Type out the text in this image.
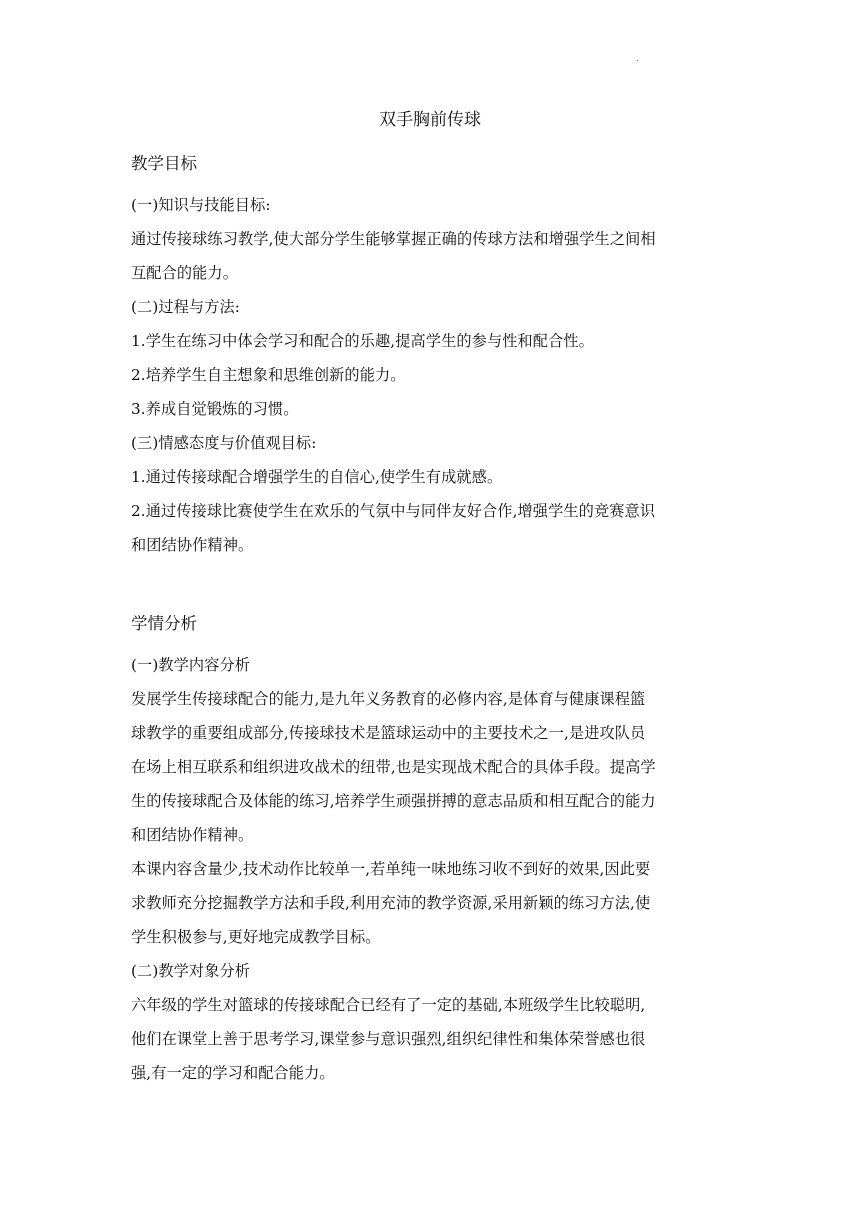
.
双手胸前传球
教学目标

(一)知识与技能目标:

通过传接球练习教学,使大部分学生能够掌握正确的传球方法和增强学生之间相

互配合的能力。

(二)过程与方法:

1.学生在练习中体会学习和配合的乐趣,提高学生的参与性和配合性。

2.培养学生自主想象和思维创新的能力。

3.养成自觉锻炼的习惯。

(三)情感态度与价值观目标:

1.通过传接球配合增强学生的自信心,使学生有成就感。

2.通过传接球比赛使学生在欢乐的气氛中与同伴友好合作,增强学生的竞赛意识

和团结协作精神。

学情分析

(一)教学内容分析

发展学生传接球配合的能力,是九年义务教育的必修内容,是体育与健康课程篮

球教学的重要组成部分,传接球技术是篮球运动中的主要技术之一,是进攻队员

在场上相互联系和组织进攻战术的纽带,也是实现战术配合的具体手段。提高学

生的传接球配合及体能的练习,培养学生顽强拼搏的意志品质和相互配合的能力

和团结协作精神。

本课内容含量少,技术动作比较单一,若单纯一味地练习收不到好的效果,因此要

求教师充分挖掘教学方法和手段,利用充沛的教学资源,采用新颖的练习方法,使

学生积极参与,更好地完成教学目标。

(二)教学对象分析

六年级的学生对篮球的传接球配合已经有了一定的基础,本班级学生比较聪明,

他们在课堂上善于思考学习,课堂参与意识强烈,组织纪律性和集体荣誉感也很

强,有一定的学习和配合能力。
